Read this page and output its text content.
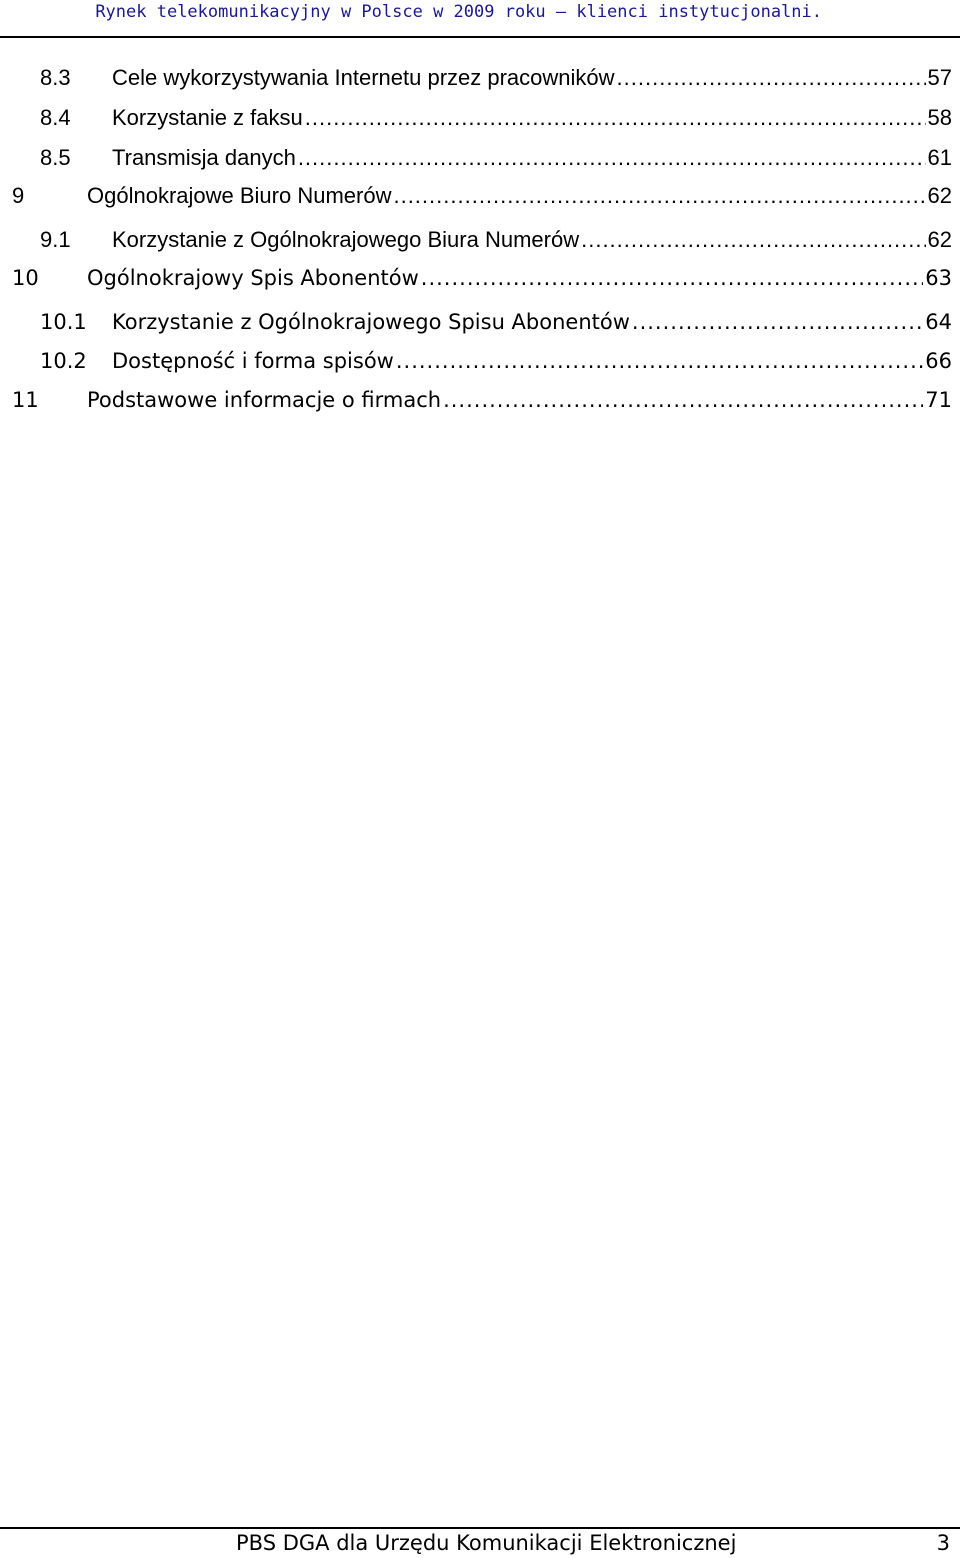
Rynek telekomunikacyjny w Polsce w 2009 roku – klienci instytucjonalni.
8.3	Cele wykorzystywania Internetu przez pracowników .....	57
8.4	Korzystanie z faksu .....	58
8.5	Transmisja danych .....	61
9	Ogólnokrajowe Biuro Numerów .....	62
9.1	Korzystanie z Ogólnokrajowego Biura Numerów .....	62
10	Ogólnokrajowy Spis Abonentów .....	63
10.1	Korzystanie z Ogólnokrajowego Spisu Abonentów .....	64
10.2	Dostępność i forma spisów .....	66
11	Podstawowe informacje o firmach .....	71
PBS DGA dla Urzędu Komunikacji Elektronicznej	3
